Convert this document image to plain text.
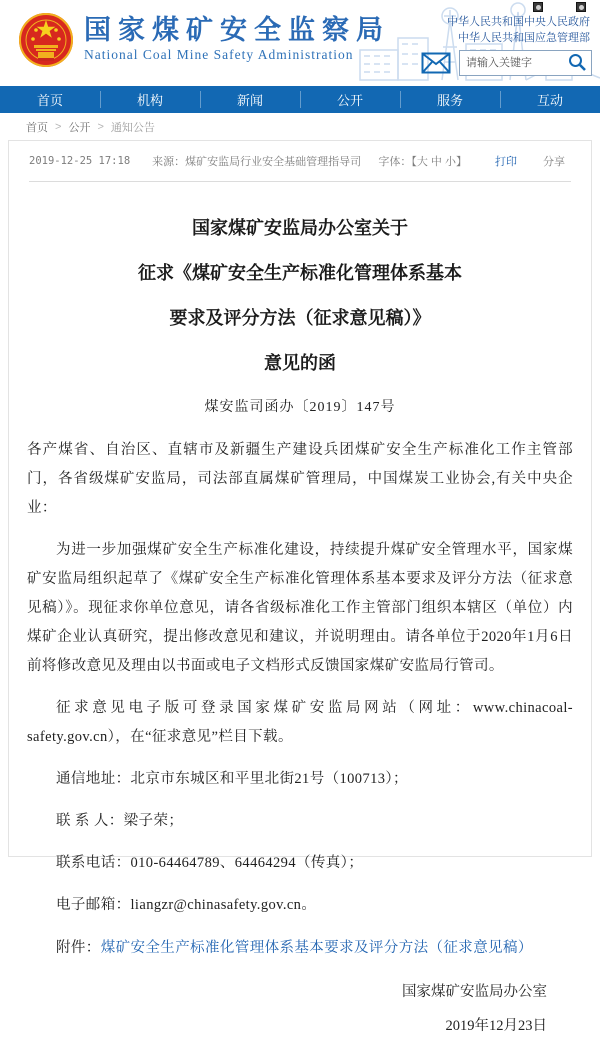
国家煤矿安全监察局
National Coal Mine Safety Administration
中华人民共和国中央人民政府
中华人民共和国应急管理部
请输入关键字
首页	机构	新闻	公开	服务	互动
首页 > 公开 > 通知公告
2019-12-25 17:18 来源：煤矿安监局行业安全基础管理指导司 字体：【大 中 小】	打印 分享
国家煤矿安监局办公室关于
征求《煤矿安全生产标准化管理体系基本
要求及评分方法（征求意见稿）》
意见的函
煤安监司函办〔2019〕147号

各产煤省、自治区、直辖市及新疆生产建设兵团煤矿安全生产标准化工作主管部门，各省级煤矿安监局，司法部直属煤矿管理局，中国煤炭工业协会,有关中央企业：

为进一步加强煤矿安全生产标准化建设，持续提升煤矿安全管理水平，国家煤矿安监局组织起草了《煤矿安全生产标准化管理体系基本要求及评分方法（征求意见稿）》。现征求你单位意见，请各省级标准化工作主管部门组织本辖区（单位）内煤矿企业认真研究，提出修改意见和建议，并说明理由。请各单位于2020年1月6日前将修改意见及理由以书面或电子文档形式反馈国家煤矿安监局行管司。

征求意见电子版可登录国家煤矿安监局网站（网址：www.chinacoal-safety.gov.cn），在“征求意见”栏目下载。

通信地址：北京市东城区和平里北街21号（100713）；

联 系 人：梁子荣；

联系电话：010-64464789、64464294（传真）；

电子邮箱：liangzr@chinasafety.gov.cn。

附件：煤矿安全生产标准化管理体系基本要求及评分方法（征求意见稿）

国家煤矿安监局办公室
2019年12月23日
